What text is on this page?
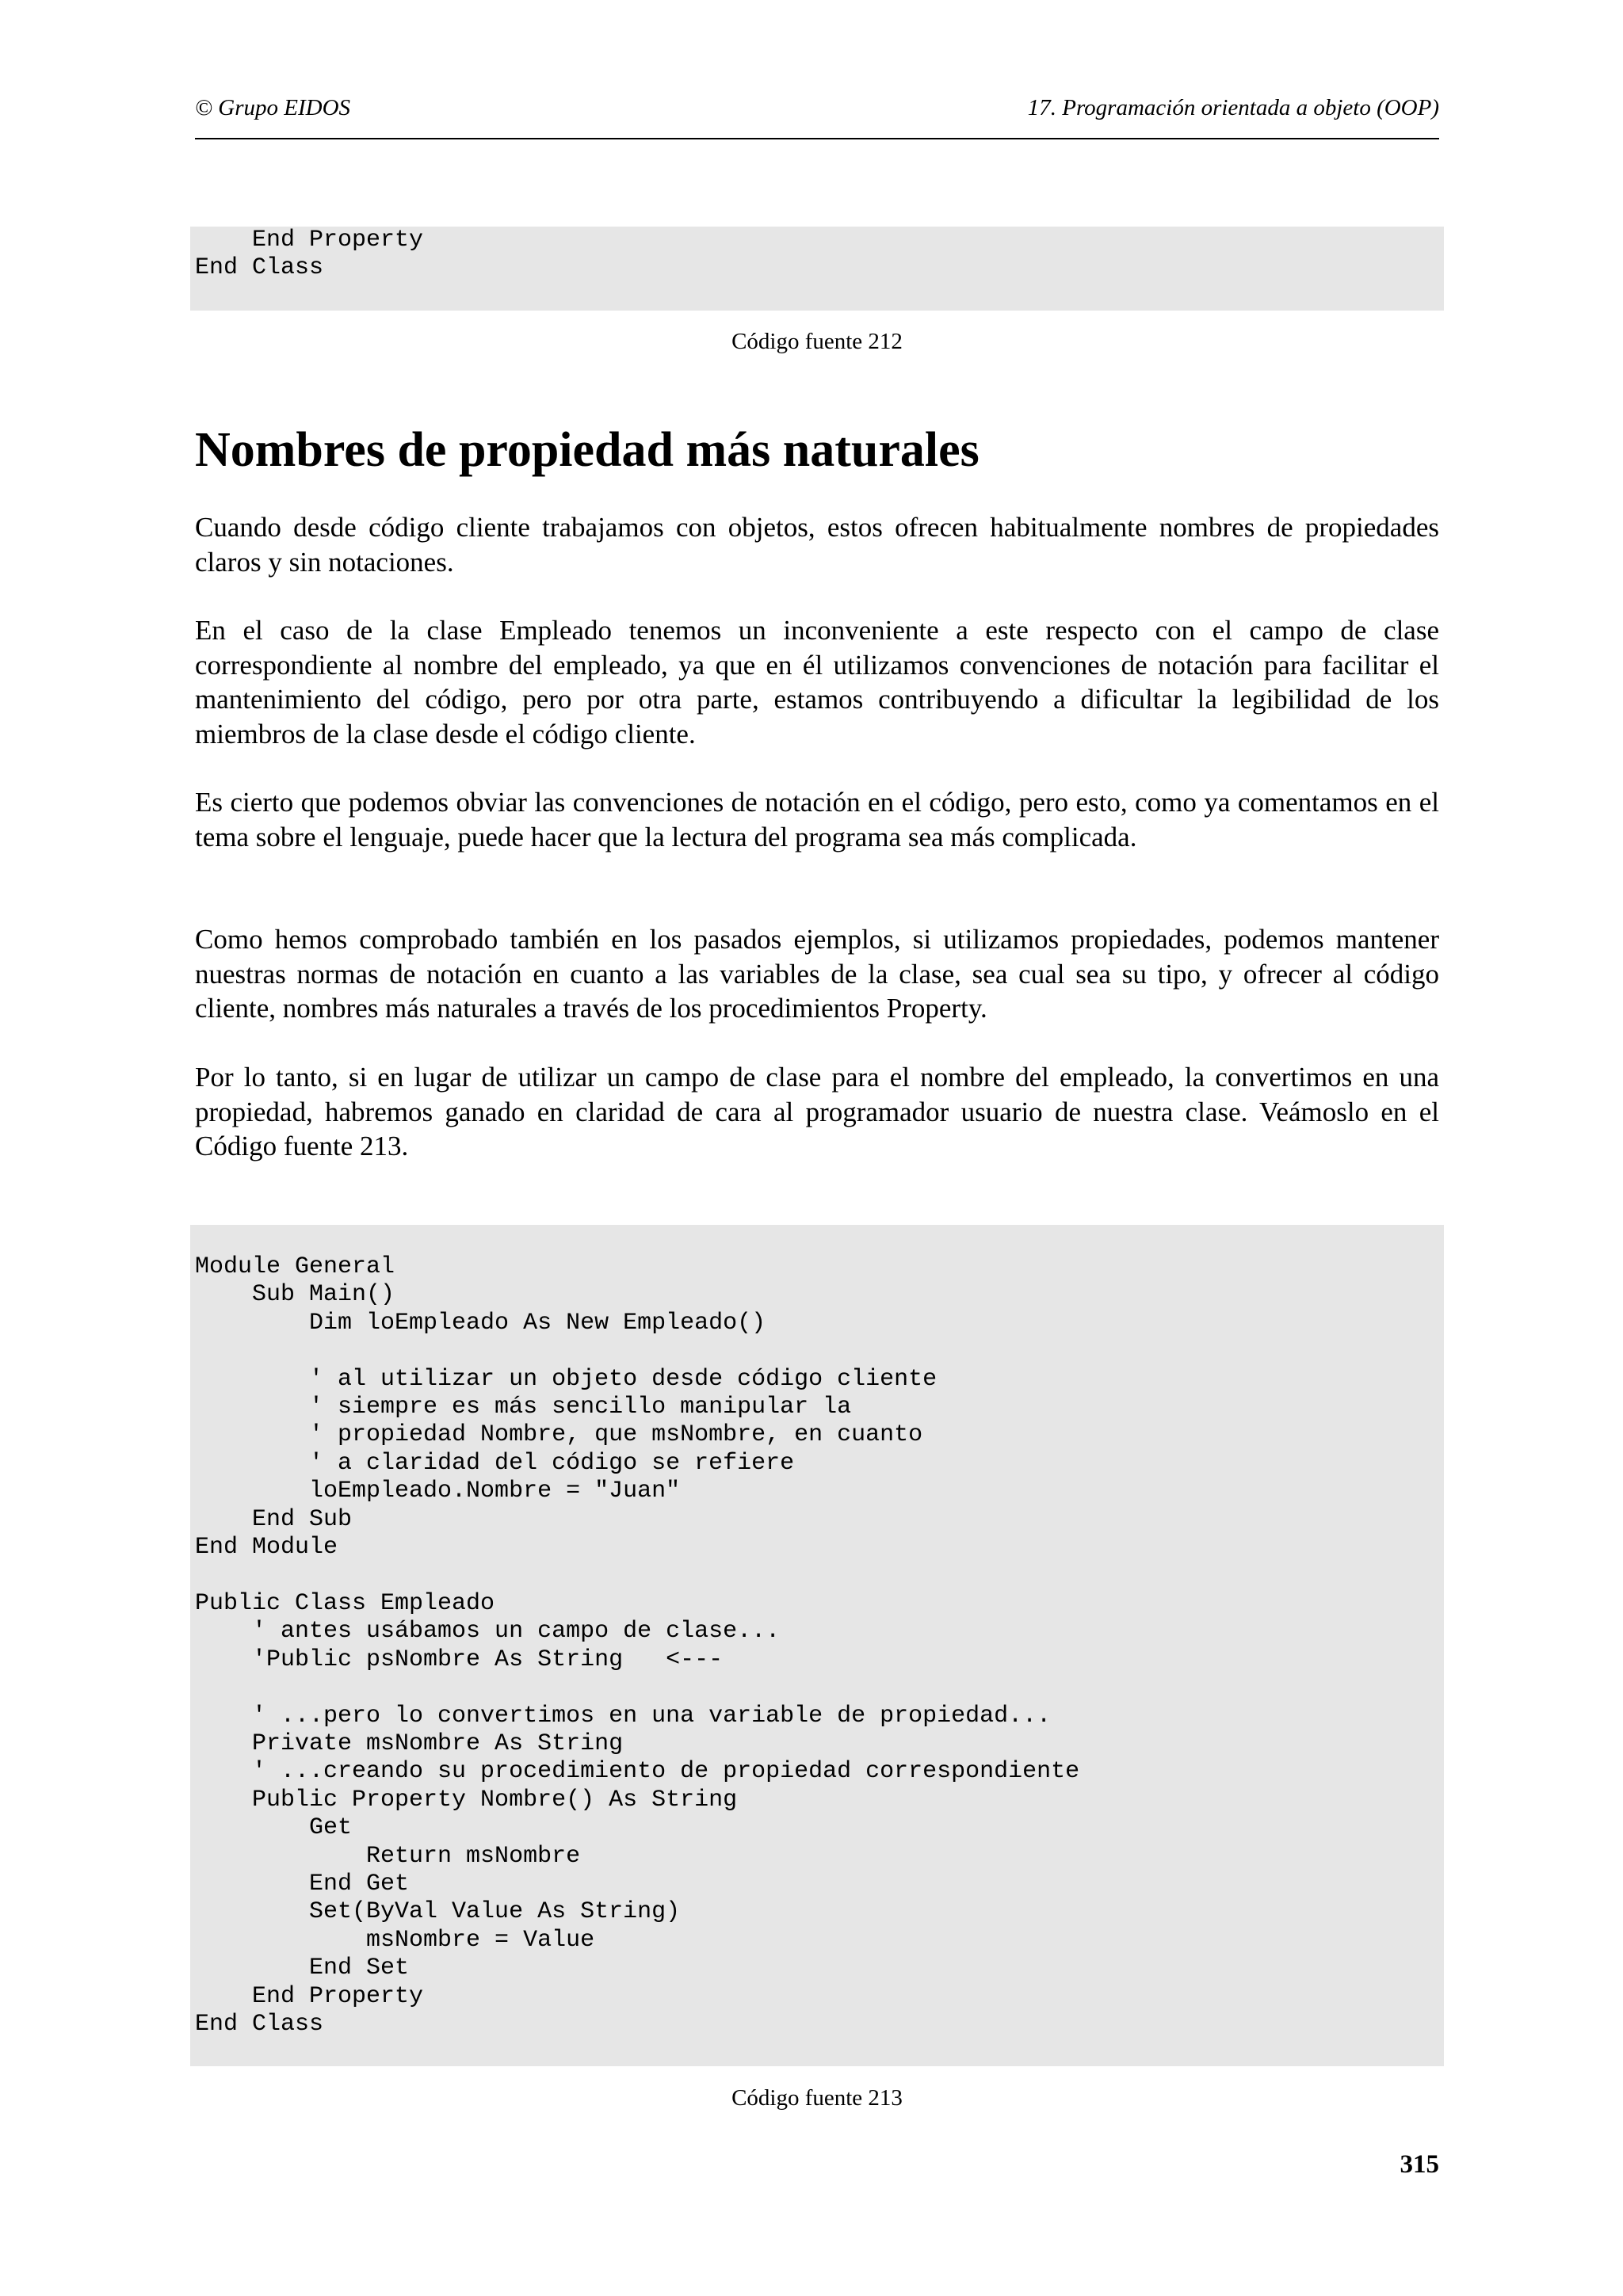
© Grupo EIDOS	17. Programación orientada a objeto (OOP)
End Property
End Class
Código fuente 212
Nombres de propiedad más naturales

Cuando desde código cliente trabajamos con objetos, estos ofrecen habitualmente nombres de propiedades claros y sin notaciones.

En el caso de la clase Empleado tenemos un inconveniente a este respecto con el campo de clase correspondiente al nombre del empleado, ya que en él utilizamos convenciones de notación para facilitar el mantenimiento del código, pero por otra parte, estamos contribuyendo a dificultar la legibilidad de los miembros de la clase desde el código cliente.

Es cierto que podemos obviar las convenciones de notación en el código, pero esto, como ya comentamos en el tema sobre el lenguaje, puede hacer que la lectura del programa sea más complicada.

Como hemos comprobado también en los pasados ejemplos, si utilizamos propiedades, podemos mantener nuestras normas de notación en cuanto a las variables de la clase, sea cual sea su tipo, y ofrecer al código cliente, nombres más naturales a través de los procedimientos Property.

Por lo tanto, si en lugar de utilizar un campo de clase para el nombre del empleado, la convertimos en una propiedad, habremos ganado en claridad de cara al programador usuario de nuestra clase. Veámoslo en el Código fuente 213.

Module General
Sub Main()
Dim loEmpleado As New Empleado()

' al utilizar un objeto desde código cliente
' siempre es más sencillo manipular la
' propiedad Nombre, que msNombre, en cuanto
' a claridad del código se refiere
loEmpleado.Nombre = "Juan"
End Sub
End Module

Public Class Empleado
' antes usábamos un campo de clase...
'Public psNombre As String   <---

' ...pero lo convertimos en una variable de propiedad...
Private msNombre As String
' ...creando su procedimiento de propiedad correspondiente
Public Property Nombre() As String
Get
Return msNombre
End Get
Set(ByVal Value As String)
msNombre = Value
End Set
End Property
End Class
Código fuente 213
315
